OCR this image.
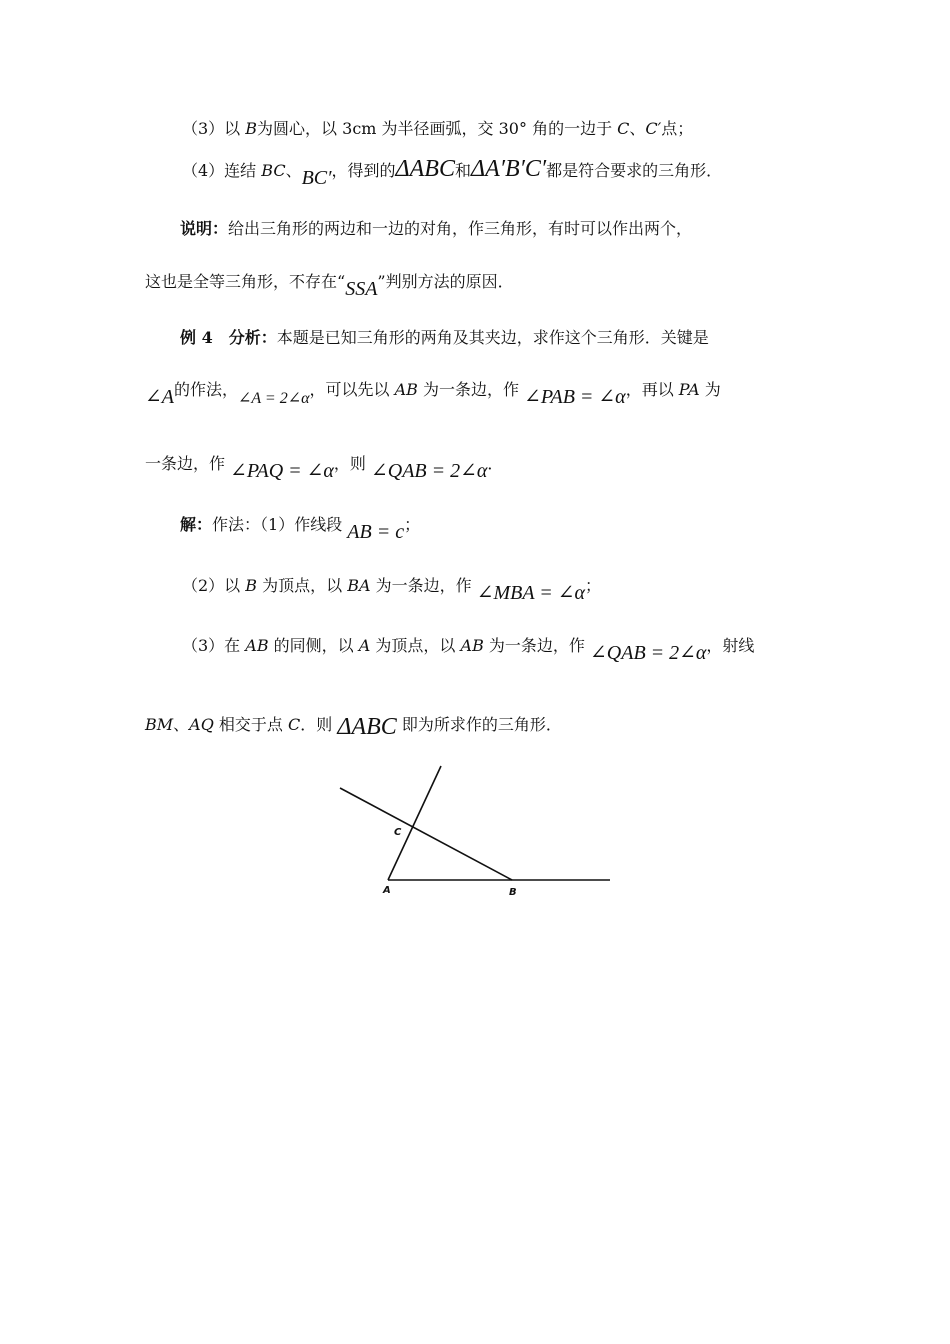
（3）以 B为圆心，以 3cm 为半径画弧，交 30° 角的一边于 C、C′点；
（4）连结 BC、BC′，得到的ΔABC和ΔA′B′C′都是符合要求的三角形．
说明：给出三角形的两边和一边的对角，作三角形，有时可以作出两个，
这也是全等三角形，不存在“SSA”判别方法的原因．
例 4　分析：本题是已知三角形的两角及其夹边，求作这个三角形．关键是
∠A的作法，∠A = 2∠α，可以先以 AB 为一条边，作 ∠PAB = ∠α，再以 PA 为
一条边，作 ∠PAQ = ∠α，则 ∠QAB = 2∠α．
解：作法：（1）作线段 AB = c；
（2）以 B 为顶点，以 BA 为一条边，作 ∠MBA = ∠α；
（3）在 AB 的同侧，以 A 为顶点，以 AB 为一条边，作 ∠QAB = 2∠α，射线
BM、AQ 相交于点 C．则 ΔABC 即为所求作的三角形．
C
A	B
